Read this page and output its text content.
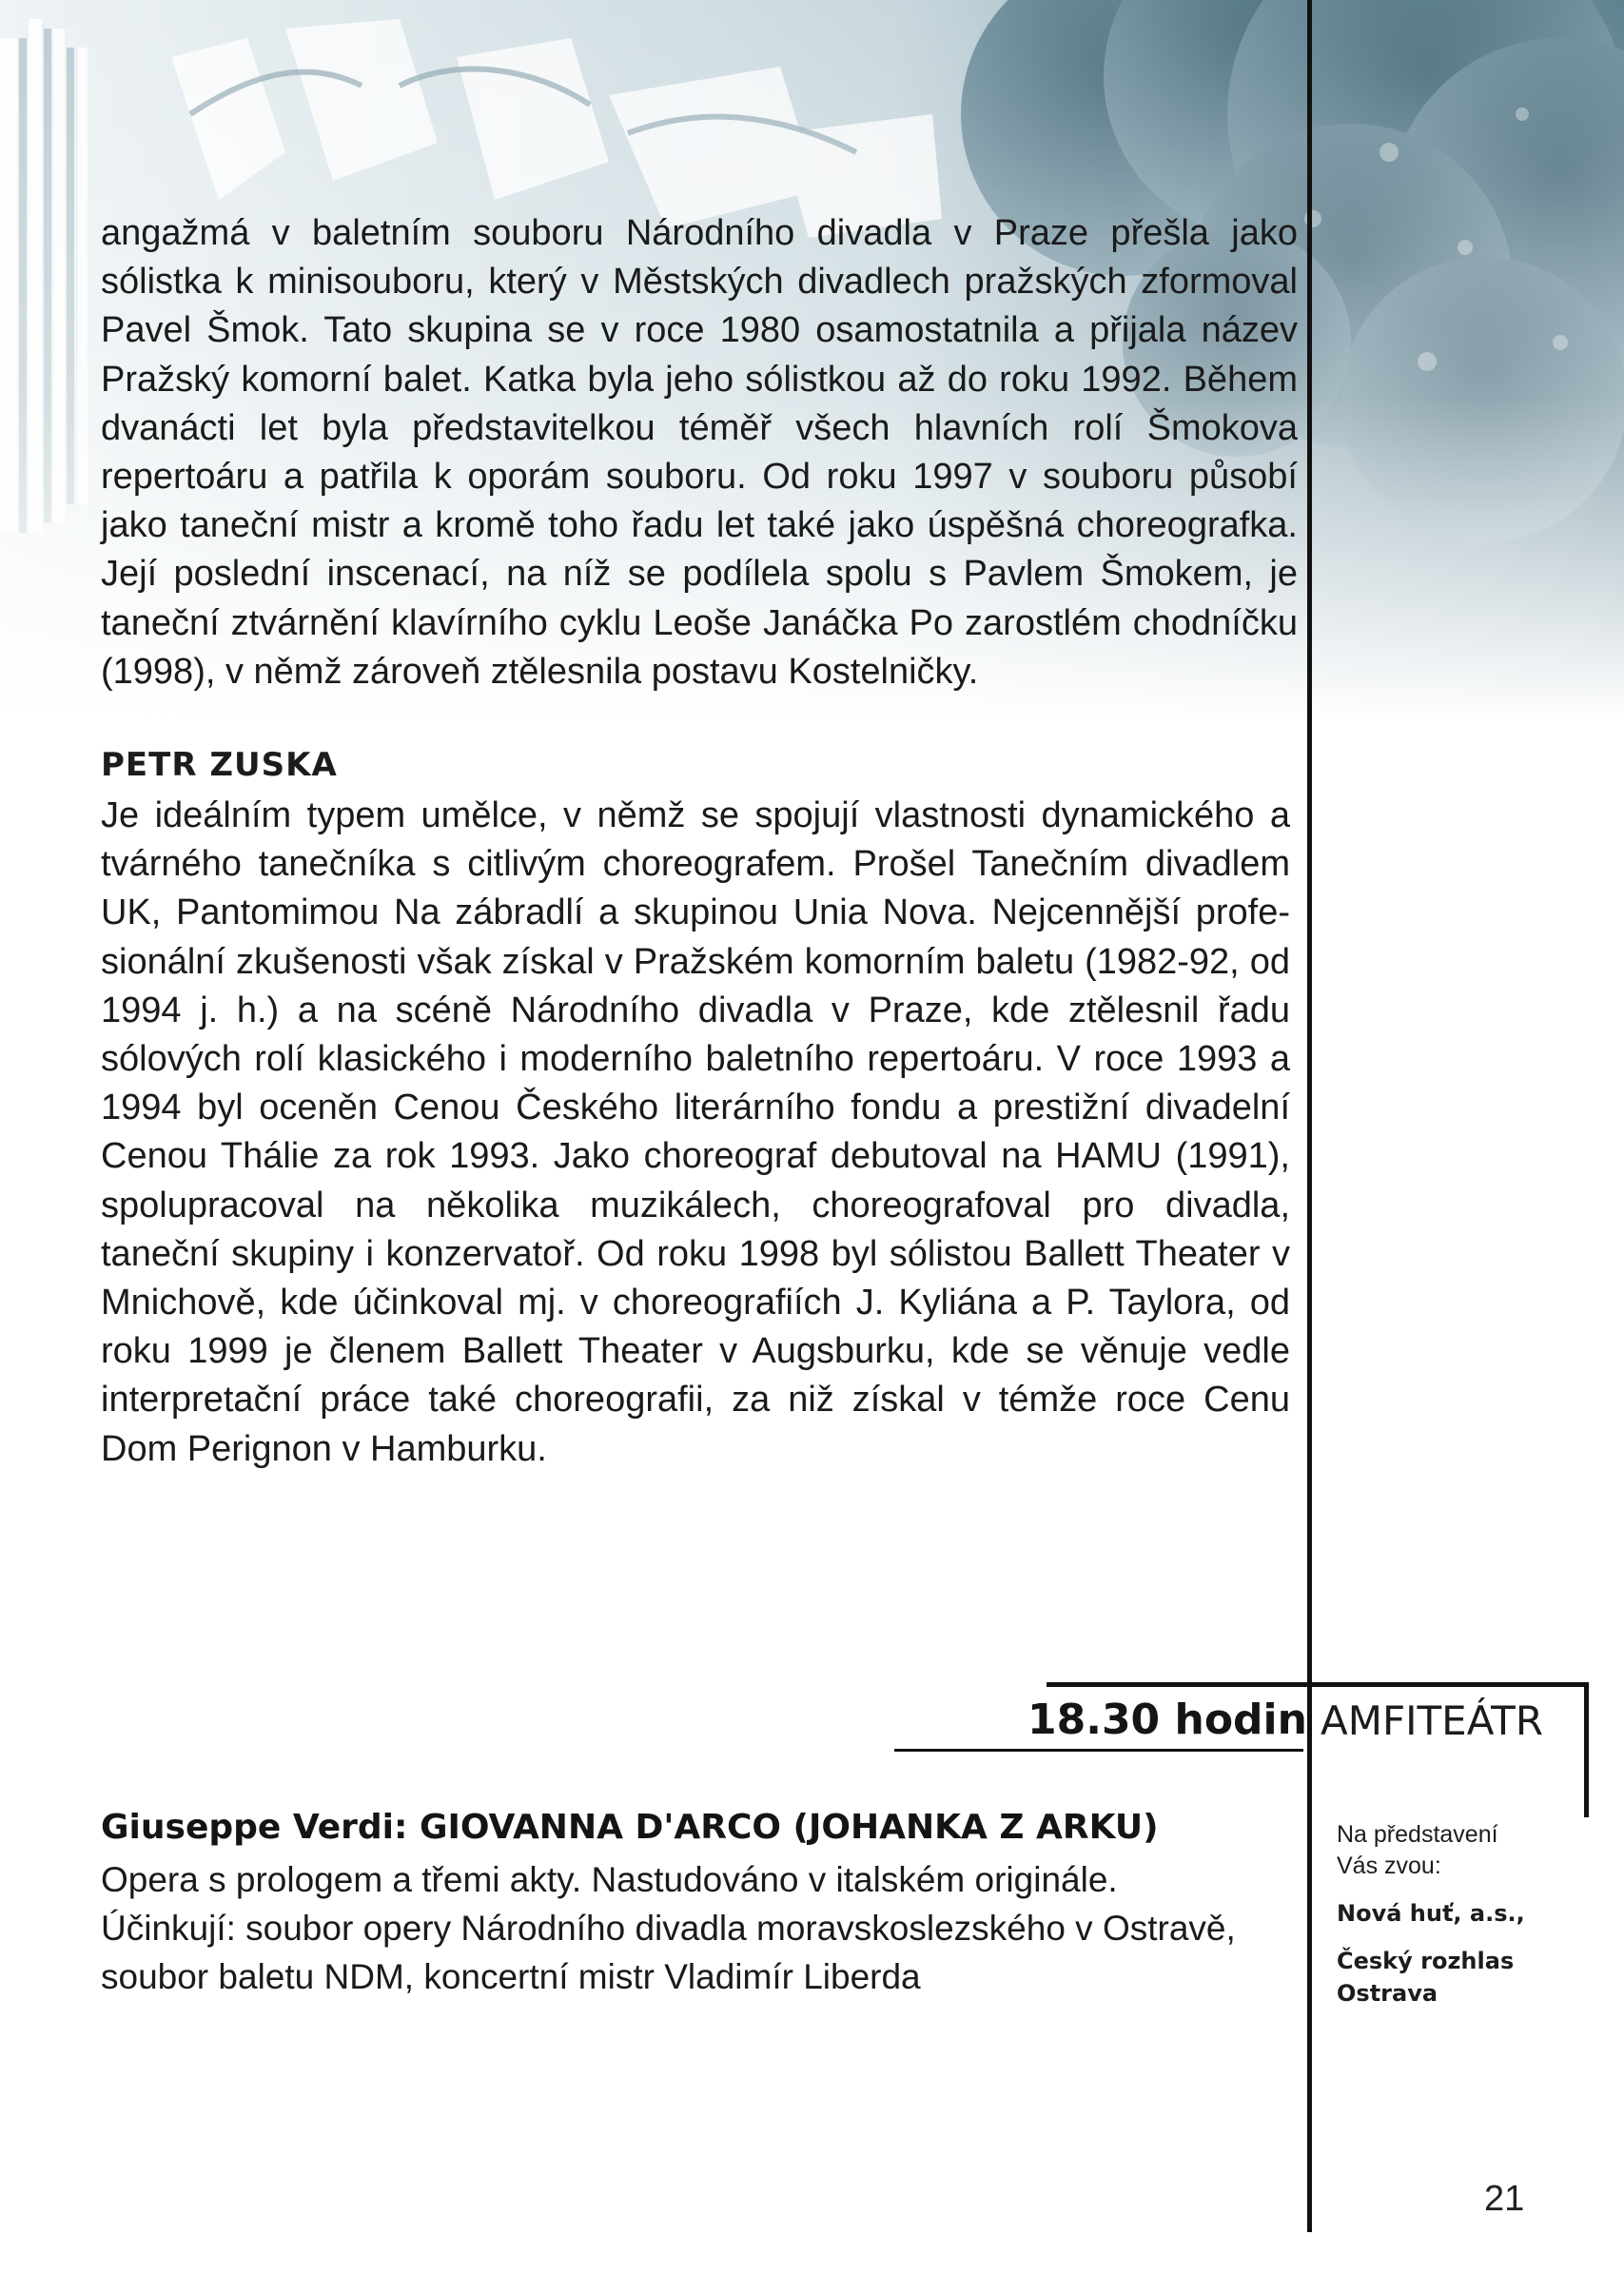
angažmá v baletním souboru Národního divadla v Praze přešla jako sólistka k minisouboru, který v Městských divadlech pražských zformoval Pavel Šmok. Tato skupina se v roce 1980 osamostatnila a přijala název Pražský komorní balet. Katka byla jeho sólistkou až do roku 1992. Během dvanácti let byla představitelkou téměř všech hlavních rolí Šmokova repertoáru a patřila k oporám souboru. Od roku 1997 v souboru působí jako taneční mistr a kromě toho řadu let také jako úspěšná choreografka. Její poslední inscenací, na níž se podílela spolu s Pavlem Šmokem, je taneční ztvárnění klavírního cyklu Leoše Janáčka Po zarostlém chodníčku (1998), v němž zároveň ztělesnila postavu Kostelničky.
PETR ZUSKA
Je ideálním typem umělce, v němž se spojují vlastnosti dynamického a tvárného tanečníka s citlivým choreografem. Prošel Tanečním divadlem UK, Pantomimou Na zábradlí a skupinou Unia Nova. Nejcennější profesionální zkušenosti však získal v Pražském komorním baletu (1982-92, od 1994 j. h.) a na scéně Národního divadla v Praze, kde ztělesnil řadu sólových rolí klasického i moderního baletního repertoáru. V roce 1993 a 1994 byl oceněn Cenou Českého literárního fondu a prestižní divadelní Cenou Thálie za rok 1993. Jako choreograf debutoval na HAMU (1991), spolupracoval na několika muzikálech, choreografoval pro divadla, taneční skupiny i konzervatoř. Od roku 1998 byl sólistou Ballett Theater v Mnichově, kde účinkoval mj. v choreografiích J. Kyliána a P. Taylora, od roku 1999 je členem Ballett Theater v Augsburku, kde se věnuje vedle interpretační práce také choreografii, za niž získal v témže roce Cenu Dom Perignon v Hamburku.
18.30 hodin AMFITEÁTR
Giuseppe Verdi: GIOVANNA D'ARCO (JOHANKA Z ARKU)
Opera s prologem a třemi akty. Nastudováno v italském originále.
Účinkují: soubor opery Národního divadla moravskoslezského v Ostravě,
soubor baletu NDM, koncertní mistr Vladimír Liberda
Na představení
Vás zvou:
Nová huť, a.s.,
Český rozhlas
Ostrava
21
